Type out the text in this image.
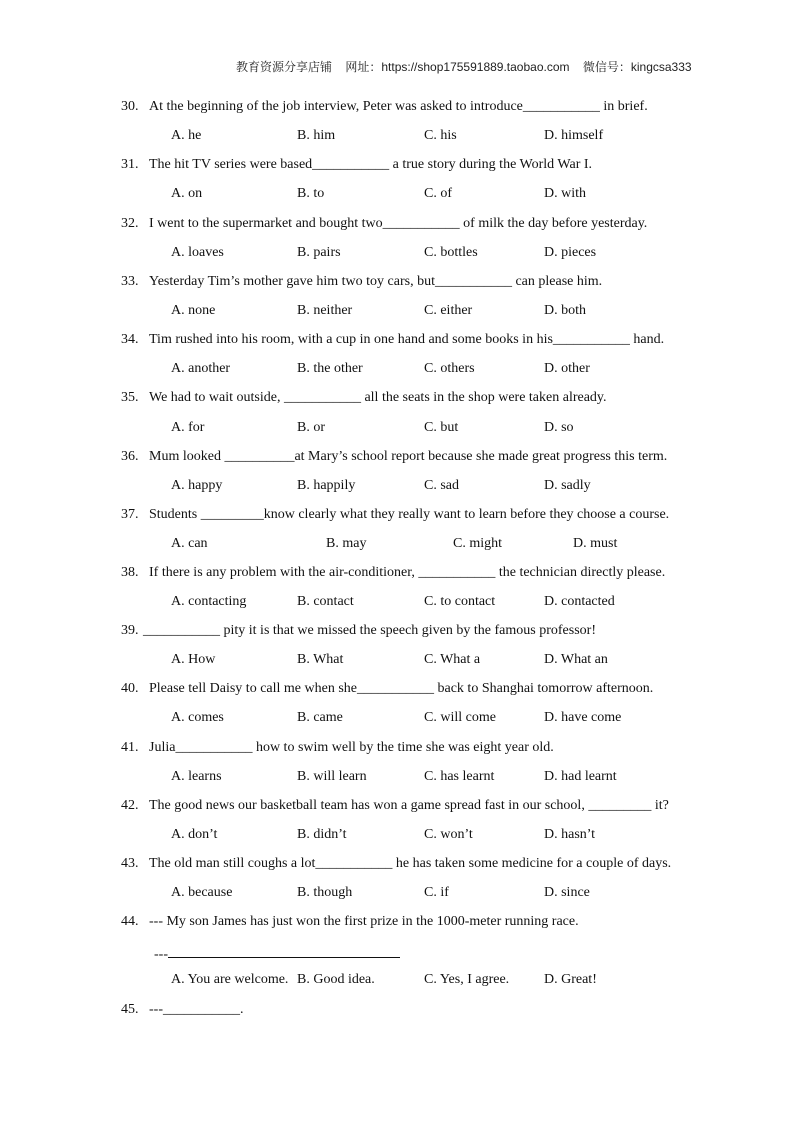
教育资源分享店铺 网址：https://shop175591889.taobao.com 微信号：kingcsa333
30. At the beginning of the job interview, Peter was asked to introduce___________ in brief.
A. he	B. him	C. his	D. himself
31. The hit TV series were based___________ a true story during the World War I.
A. on	B. to	C. of	D. with
32. I went to the supermarket and bought two___________ of milk the day before yesterday.
A. loaves	B. pairs	C. bottles	D. pieces
33. Yesterday Tim’s mother gave him two toy cars, but___________ can please him.
A. none	B. neither	C. either	D. both
34. Tim rushed into his room, with a cup in one hand and some books in his___________ hand.
A. another	B. the other	C. others	D. other
35. We had to wait outside, ___________ all the seats in the shop were taken already.
A. for	B. or	C. but	D. so
36. Mum looked __________at Mary’s school report because she made great progress this term.
A. happy	B. happily	C. sad	D. sadly
37. Students _________know clearly what they really want to learn before they choose a course.
A. can	B. may	C. might	D. must
38. If there is any problem with the air-conditioner, ___________ the technician directly please.
A. contacting	B. contact	C. to contact	D. contacted
39. ___________ pity it is that we missed the speech given by the famous professor!
A. How	B. What	C. What a	D. What an
40. Please tell Daisy to call me when she___________ back to Shanghai tomorrow afternoon.
A. comes	B. came	C. will come	D. have come
41. Julia___________ how to swim well by the time she was eight year old.
A. learns	B. will learn	C. has learnt	D. had learnt
42. The good news our basketball team has won a game spread fast in our school, _________ it?
A. don’t	B. didn’t	C. won’t	D. hasn’t
43. The old man still coughs a lot___________ he has taken some medicine for a couple of days.
A. because	B. though	C. if	D. since
44. --- My son James has just won the first prize in the 1000-meter running race.
---
A. You are welcome. B. Good idea.	C. Yes, I agree. D. Great!
45. ---___________.
